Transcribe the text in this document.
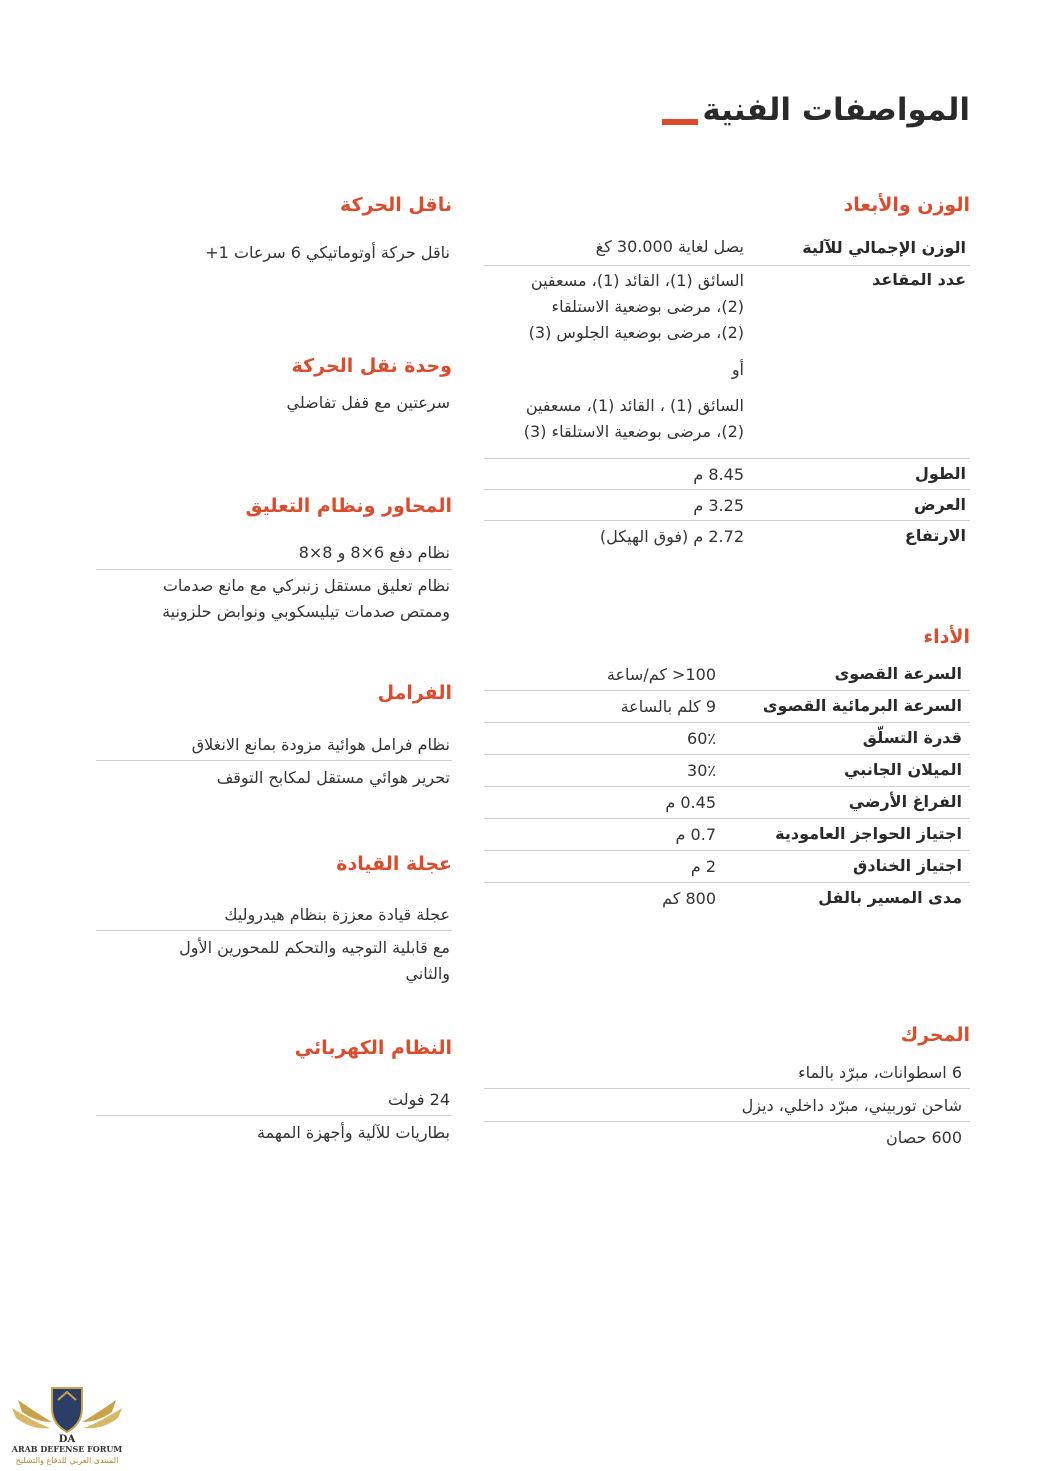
المواصفات الفنية
الوزن والأبعاد
الوزن الإجمالي للآلية
يصل لغاية 30.000 كغ
عدد المقاعد
السائق (1)، القائد (1)، مسعفين
(2)، مرضى بوضعية الاستلقاء
(2)، مرضى بوضعية الجلوس (3)
أو
السائق (1) ، القائد (1)، مسعفين
(2)، مرضى بوضعية الاستلقاء (3)
الطول
8.45 م
العرض
3.25 م
الارتفاع
2.72 م (فوق الهيكل)
الأداء
السرعة القصوى
100< كم/ساعة
السرعة البرمائية القصوى
9 كلم بالساعة
قدرة التسلّق
60٪
الميلان الجانبي
30٪
الفراغ الأرضي
0.45 م
اجتياز الحواجز العامودية
0.7 م
اجتياز الخنادق
2 م
مدى المسير بالفل
800 كم
المحرك
6 اسطوانات، مبرّد بالماء
شاحن توربيني، مبرّد داخلي، ديزل
600 حصان
ناقل الحركة
ناقل حركة أوتوماتيكي 6 سرعات 1+
وحدة نقل الحركة
سرعتين مع قفل تفاضلي
المحاور ونظام التعليق
نظام دفع 6×8 و 8×8
نظام تعليق مستقل زنبركي مع مانع صدمات
وممتص صدمات تيليسكوبي ونوابض حلزونية
الفرامل
نظام فرامل هوائية مزودة بمانع الانغلاق
تحرير هوائي مستقل لمكابح التوقف
عجلة القيادة
عجلة قيادة معززة بنظام هيدروليك
مع قابلية التوجيه والتحكم للمحورين الأول
والثاني
النظام الكهربائي
24 فولت
بطاريات للآلية وأجهزة المهمة
DA
ARAB DEFENSE FORUM
المنتدى العربي للدفاع والتسليح
